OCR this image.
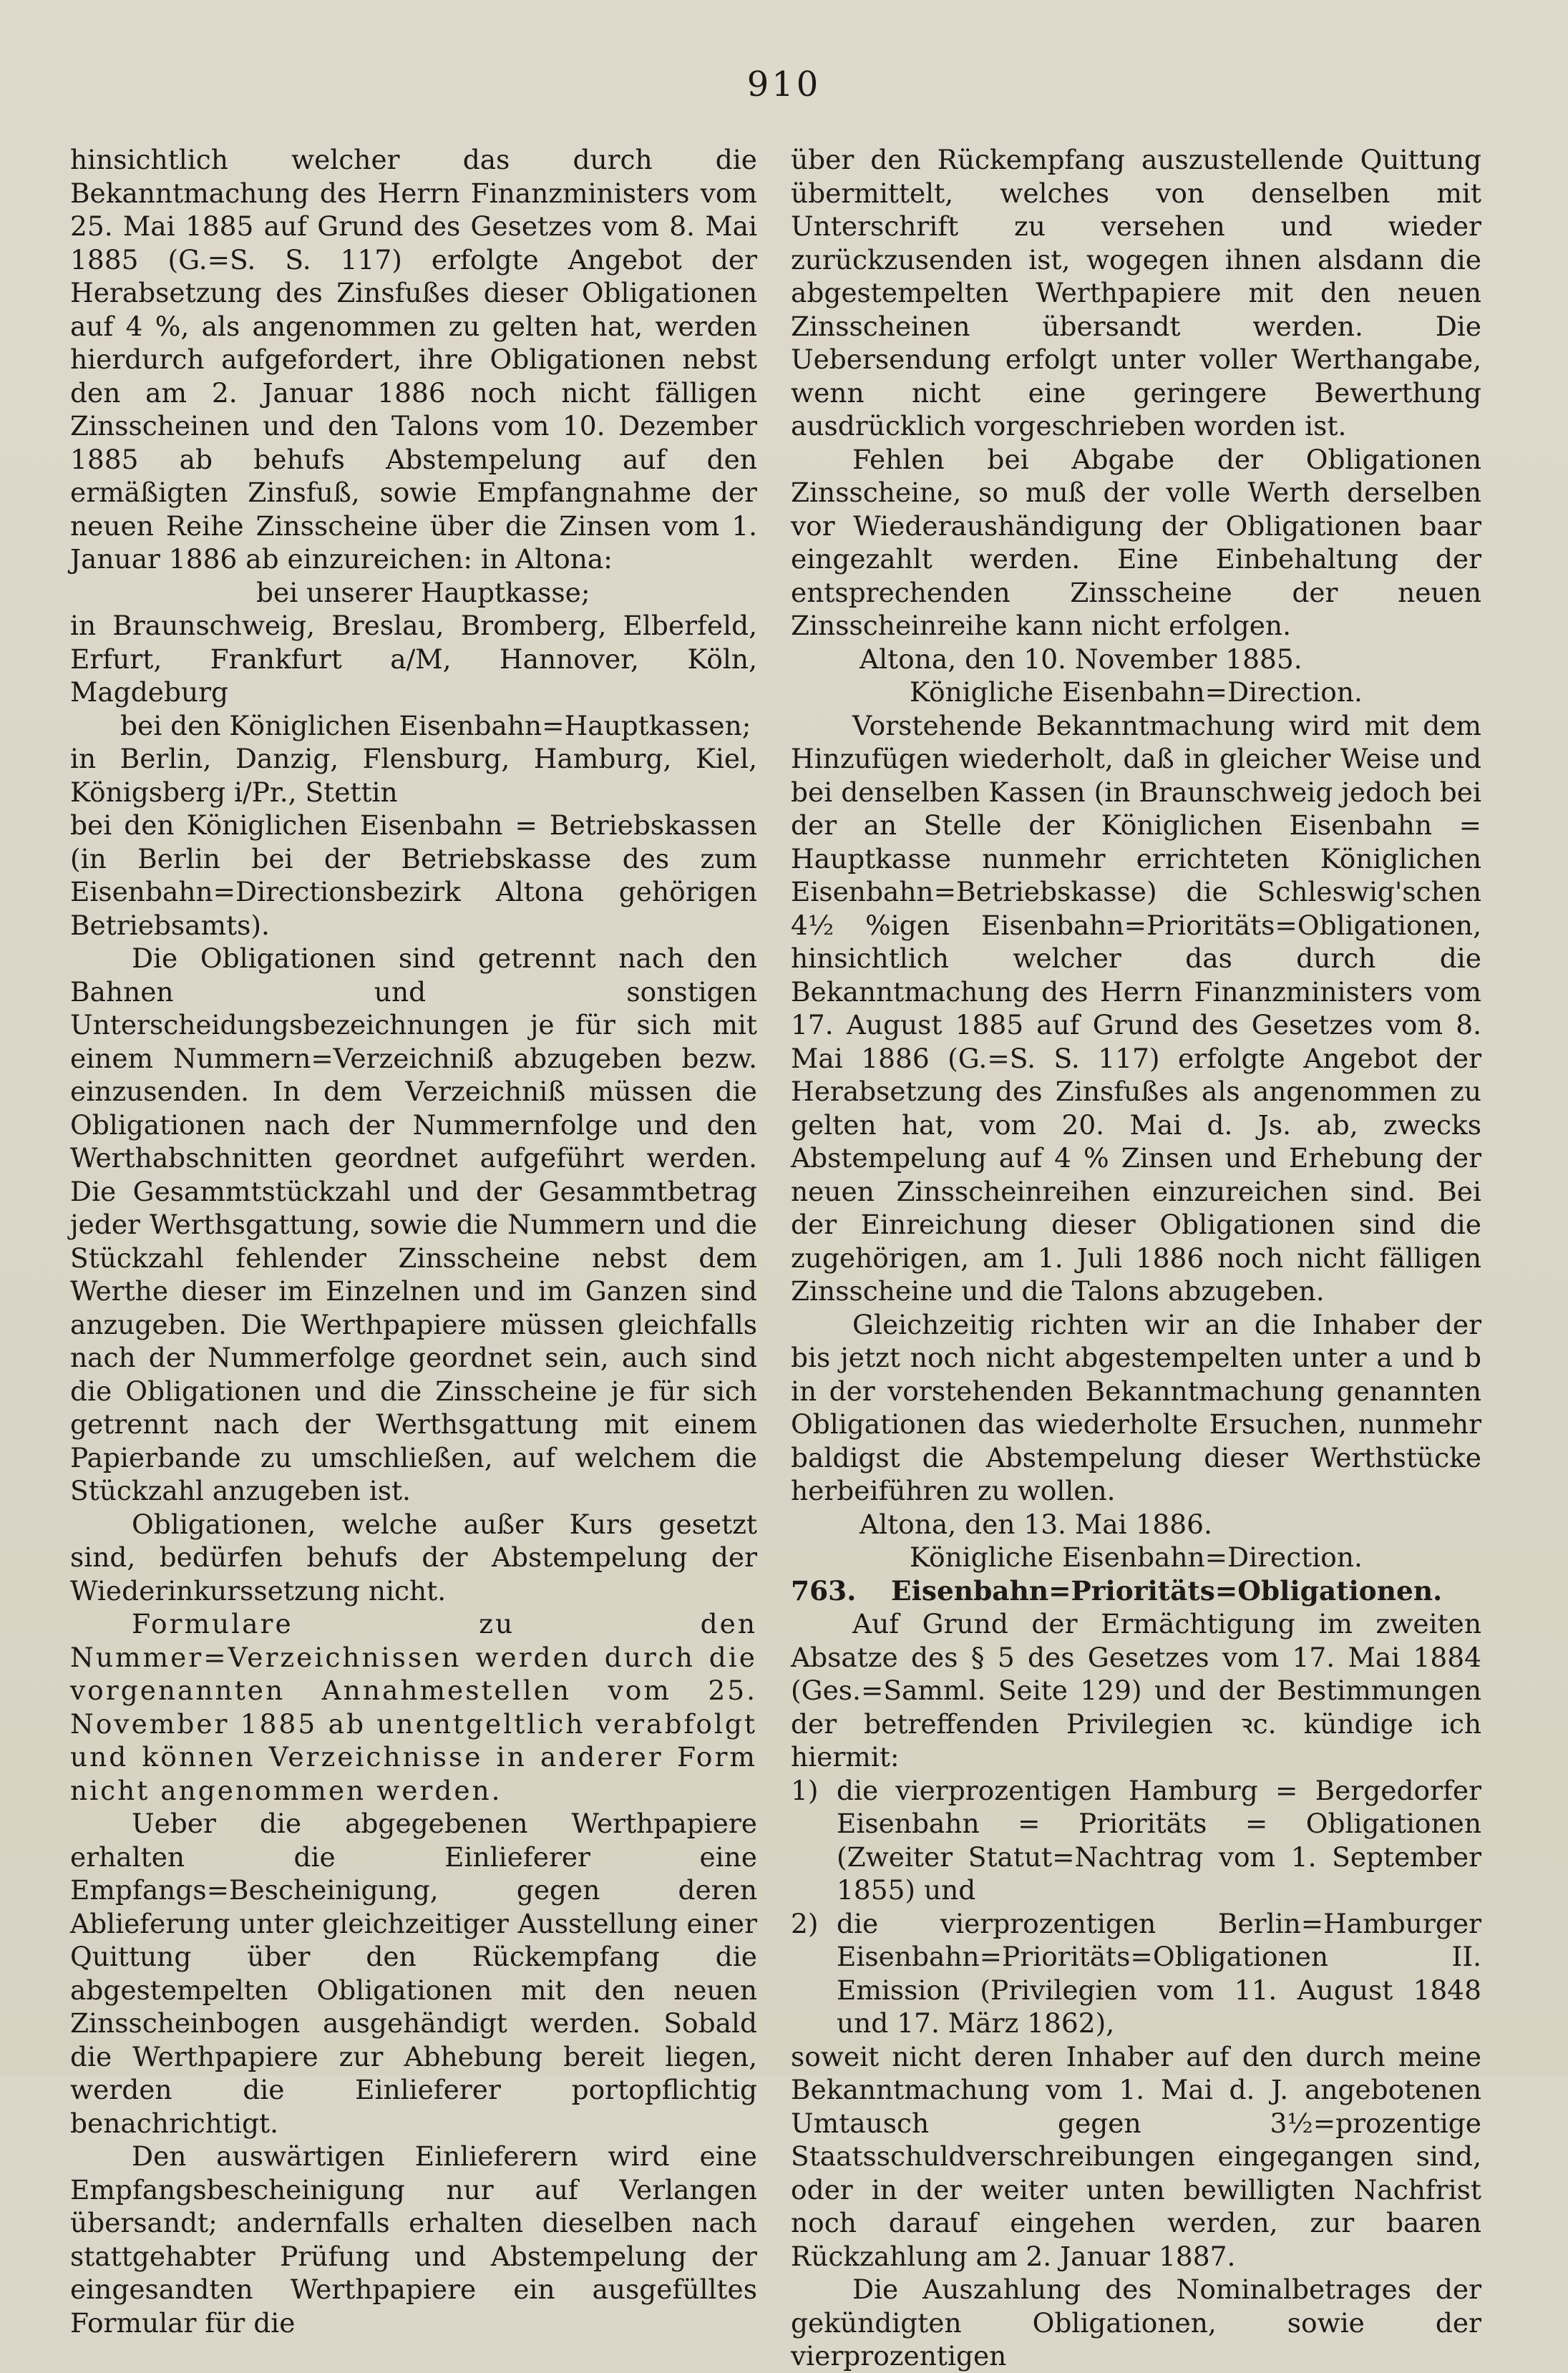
910

hinsichtlich welcher das durch die Bekanntmachung des Herrn Finanzministers vom 25. Mai 1885 auf Grund des Gesetzes vom 8. Mai 1885 (G.=S. S. 117) erfolgte Angebot der Herabsetzung des Zinsfußes dieser Obligationen auf 4 %, als angenommen zu gelten hat, werden hierdurch aufgefordert, ihre Obligationen nebst den am 2. Januar 1886 noch nicht fälligen Zinsscheinen und den Talons vom 10. Dezember 1885 ab behufs Abstempelung auf den ermäßigten Zinsfuß, sowie Empfangnahme der neuen Reihe Zinsscheine über die Zinsen vom 1. Januar 1886 ab einzureichen: in Altona:

bei unserer Hauptkasse;

in Braunschweig, Breslau, Bromberg, Elberfeld, Erfurt, Frankfurt a/M, Hannover, Köln, Magdeburg

bei den Königlichen Eisenbahn=Hauptkassen;

in Berlin, Danzig, Flensburg, Hamburg, Kiel, Königsberg i/Pr., Stettin

bei den Königlichen Eisenbahn = Betriebskassen (in Berlin bei der Betriebskasse des zum Eisenbahn=Directionsbezirk Altona gehörigen Betriebsamts).

Die Obligationen sind getrennt nach den Bahnen und sonstigen Unterscheidungsbezeichnungen je für sich mit einem Nummern=Verzeichniß abzugeben bezw. einzusenden. In dem Verzeichniß müssen die Obligationen nach der Nummernfolge und den Werthabschnitten geordnet aufgeführt werden. Die Gesammtstückzahl und der Gesammtbetrag jeder Werthsgattung, sowie die Nummern und die Stückzahl fehlender Zinsscheine nebst dem Werthe dieser im Einzelnen und im Ganzen sind anzugeben. Die Werthpapiere müssen gleichfalls nach der Nummerfolge geordnet sein, auch sind die Obligationen und die Zinsscheine je für sich getrennt nach der Werthsgattung mit einem Papierbande zu umschließen, auf welchem die Stückzahl anzugeben ist.

Obligationen, welche außer Kurs gesetzt sind, bedürfen behufs der Abstempelung der Wiederinkurssetzung nicht.

Formulare zu den Nummer=Verzeichnissen werden durch die vorgenannten Annahmestellen vom 25. November 1885 ab unentgeltlich verabfolgt und können Verzeichnisse in anderer Form nicht angenommen werden.

Ueber die abgegebenen Werthpapiere erhalten die Einlieferer eine Empfangs=Bescheinigung, gegen deren Ablieferung unter gleichzeitiger Ausstellung einer Quittung über den Rückempfang die abgestempelten Obligationen mit den neuen Zinsscheinbogen ausgehändigt werden. Sobald die Werthpapiere zur Abhebung bereit liegen, werden die Einlieferer portopflichtig benachrichtigt.

Den auswärtigen Einlieferern wird eine Empfangsbescheinigung nur auf Verlangen übersandt; andernfalls erhalten dieselben nach stattgehabter Prüfung und Abstempelung der eingesandten Werthpapiere ein ausgefülltes Formular für die

über den Rückempfang auszustellende Quittung übermittelt, welches von denselben mit Unterschrift zu versehen und wieder zurückzusenden ist, wogegen ihnen alsdann die abgestempelten Werthpapiere mit den neuen Zinsscheinen übersandt werden. Die Uebersendung erfolgt unter voller Werthangabe, wenn nicht eine geringere Bewerthung ausdrücklich vorgeschrieben worden ist.

Fehlen bei Abgabe der Obligationen Zinsscheine, so muß der volle Werth derselben vor Wiederaushändigung der Obligationen baar eingezahlt werden. Eine Einbehaltung der entsprechenden Zinsscheine der neuen Zinsscheinreihe kann nicht erfolgen.

Altona, den 10. November 1885.

Königliche Eisenbahn=Direction.

Vorstehende Bekanntmachung wird mit dem Hinzufügen wiederholt, daß in gleicher Weise und bei denselben Kassen (in Braunschweig jedoch bei der an Stelle der Königlichen Eisenbahn = Hauptkasse nunmehr errichteten Königlichen Eisenbahn=Betriebskasse) die Schleswig'schen 4½ %igen Eisenbahn=Prioritäts=Obligationen, hinsichtlich welcher das durch die Bekanntmachung des Herrn Finanzministers vom 17. August 1885 auf Grund des Gesetzes vom 8. Mai 1886 (G.=S. S. 117) erfolgte Angebot der Herabsetzung des Zinsfußes als angenommen zu gelten hat, vom 20. Mai d. Js. ab, zwecks Abstempelung auf 4 % Zinsen und Erhebung der neuen Zinsscheinreihen einzureichen sind. Bei der Einreichung dieser Obligationen sind die zugehörigen, am 1. Juli 1886 noch nicht fälligen Zinsscheine und die Talons abzugeben.

Gleichzeitig richten wir an die Inhaber der bis jetzt noch nicht abgestempelten unter a und b in der vorstehenden Bekanntmachung genannten Obligationen das wiederholte Ersuchen, nunmehr baldigst die Abstempelung dieser Werthstücke herbeiführen zu wollen.

Altona, den 13. Mai 1886.

Königliche Eisenbahn=Direction.

763.	Eisenbahn=Prioritäts=Obligationen.

Auf Grund der Ermächtigung im zweiten Absatze des § 5 des Gesetzes vom 17. Mai 1884 (Ges.=Samml. Seite 129) und der Bestimmungen der betreffenden Privilegien ꝛc. kündige ich hiermit:

1) die vierprozentigen Hamburg = Bergedorfer Eisenbahn = Prioritäts = Obligationen (Zweiter Statut=Nachtrag vom 1. September 1855) und
2) die vierprozentigen Berlin=Hamburger Eisenbahn=Prioritäts=Obligationen II. Emission (Privilegien vom 11. August 1848 und 17. März 1862),

soweit nicht deren Inhaber auf den durch meine Bekanntmachung vom 1. Mai d. J. angebotenen Umtausch gegen 3½=prozentige Staatsschuldverschreibungen eingegangen sind, oder in der weiter unten bewilligten Nachfrist noch darauf eingehen werden, zur baaren Rückzahlung am 2. Januar 1887.

Die Auszahlung des Nominalbetrages der gekündigten Obligationen, sowie der vierprozentigen
